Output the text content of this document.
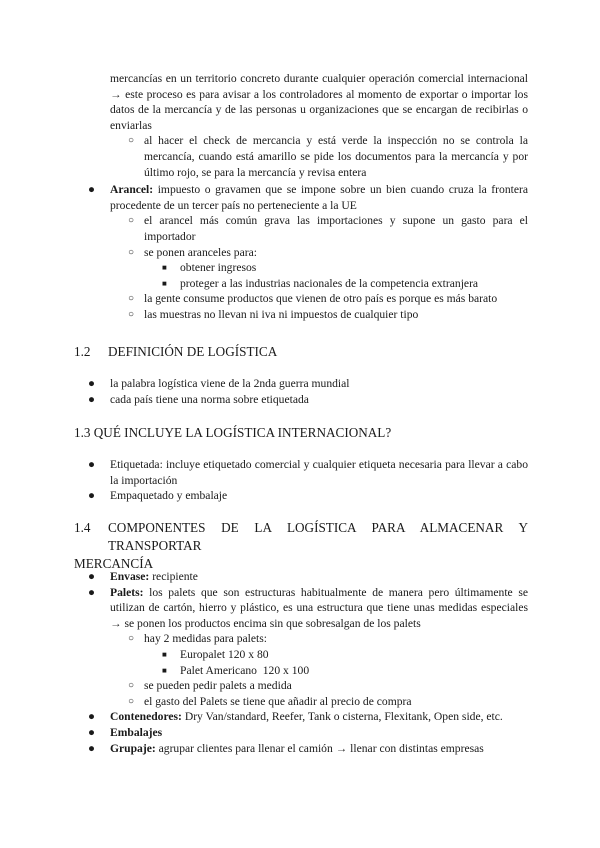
mercancías en un territorio concreto durante cualquier operación comercial internacional → este proceso es para avisar a los controladores al momento de exportar o importar los datos de la mercancía y de las personas u organizaciones que se encargan de recibirlas o enviarlas
○ al hacer el check de mercancia y está verde la inspección no se controla la mercancía, cuando está amarillo se pide los documentos para la mercancía y por último rojo, se para la mercancía y revisa entera
● Arancel: impuesto o gravamen que se impone sobre un bien cuando cruza la frontera procedente de un tercer país no perteneciente a la UE
○ el arancel más común grava las importaciones y supone un gasto para el importador
○ se ponen aranceles para:
■ obtener ingresos
■ proteger a las industrias nacionales de la competencia extranjera
○ la gente consume productos que vienen de otro país es porque es más barato
○ las muestras no llevan ni iva ni impuestos de cualquier tipo
1.2 DEFINICIÓN DE LOGÍSTICA
● la palabra logística viene de la 2nda guerra mundial
● cada país tiene una norma sobre etiquetada
1.3 QUÉ INCLUYE LA LOGÍSTICA INTERNACIONAL?
● Etiquetada: incluye etiquetado comercial y cualquier etiqueta necesaria para llevar a cabo la importación
● Empaquetado y embalaje
1.4	COMPONENTES DE LA LOGÍSTICA PARA ALMACENAR Y TRANSPORTAR
MERCANCÍA
● Envase: recipiente
● Palets: los palets que son estructuras habitualmente de manera pero últimamente se utilizan de cartón, hierro y plástico, es una estructura que tiene unas medidas especiales → se ponen los productos encima sin que sobresalgan de los palets
○ hay 2 medidas para palets:
■ Europalet 120 x 80
■ Palet Americano  120 x 100
○ se pueden pedir palets a medida
○ el gasto del Palets se tiene que añadir al precio de compra
● Contenedores: Dry Van/standard, Reefer, Tank o cisterna, Flexitank, Open side, etc.
● Embalajes
● Grupaje: agrupar clientes para llenar el camión → llenar con distintas empresas
